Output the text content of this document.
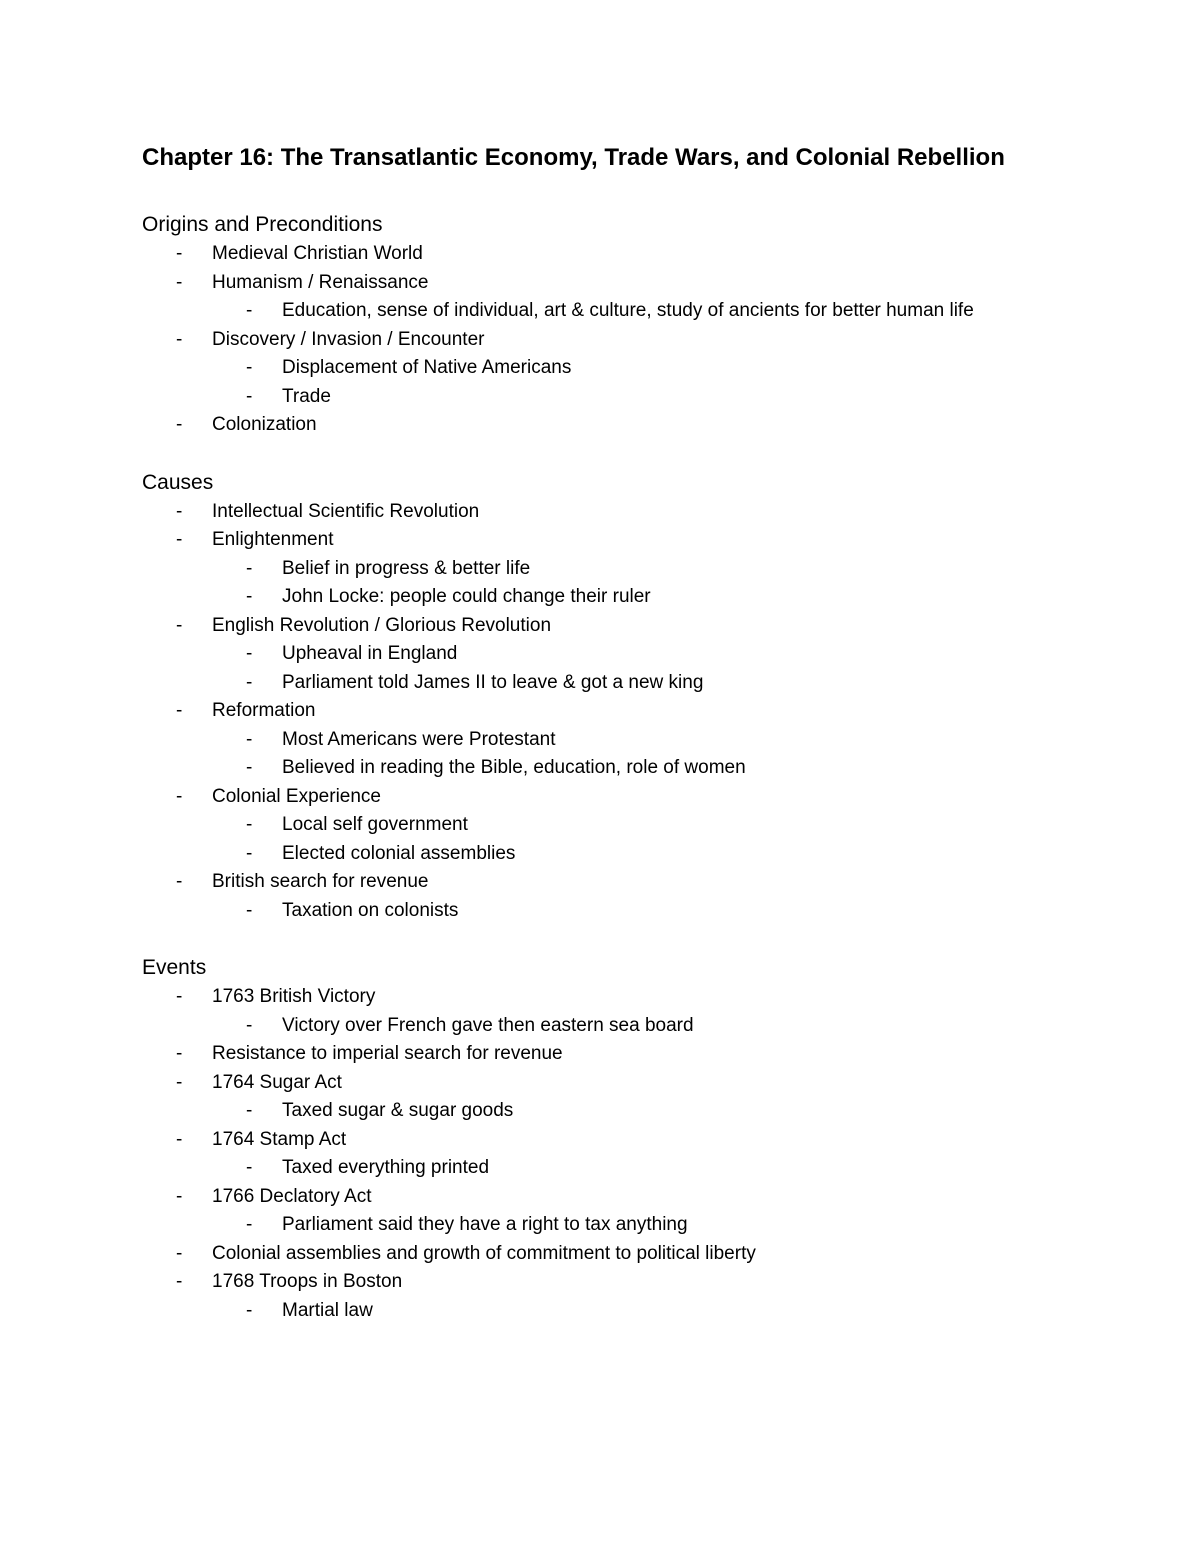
Chapter 16: The Transatlantic Economy, Trade Wars, and Colonial Rebellion
Origins and Preconditions
- Medieval Christian World
- Humanism / Renaissance
- Education, sense of individual, art & culture, study of ancients for better human life
- Discovery / Invasion / Encounter
- Displacement of Native Americans
- Trade
- Colonization
Causes
- Intellectual Scientific Revolution
- Enlightenment
- Belief in progress & better life
- John Locke: people could change their ruler
- English Revolution / Glorious Revolution
- Upheaval in England
- Parliament told James II to leave & got a new king
- Reformation
- Most Americans were Protestant
- Believed in reading the Bible, education, role of women
- Colonial Experience
- Local self government
- Elected colonial assemblies
- British search for revenue
- Taxation on colonists
Events
- 1763 British Victory
- Victory over French gave then eastern sea board
- Resistance to imperial search for revenue
- 1764 Sugar Act
- Taxed sugar & sugar goods
- 1764 Stamp Act
- Taxed everything printed
- 1766 Declatory Act
- Parliament said they have a right to tax anything
- Colonial assemblies and growth of commitment to political liberty
- 1768 Troops in Boston
- Martial law
